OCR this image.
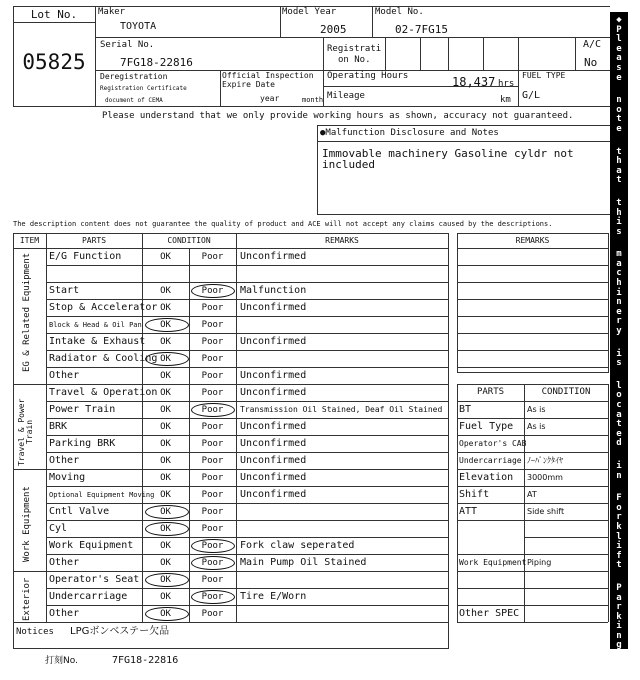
Lot No.
05825
Maker
TOYOTA
Model Year
2005
Model No.
02-7FG15
Serial No.
7FG18-22816
Registrati
on No.
A/C
No
Deregistration
Registration Certificate
document of CEMA
Official Inspection
Expire Date
year	month
Operating Hours	18,437 hrs
Mileage	km
FUEL TYPE
G/L
Please understand that we only provide working hours as shown, accuracy not guaranteed.
●Malfunction Disclosure and Notes
Immovable machinery Gasoline cyldr not
included
The description content does not guarantee the quality of product and ACE will not accept any claims caused by the descriptions.
ITEM	PARTS	CONDITION	REMARKS
EG & Related Equipment
Travel & Power Train
Work Equipment
Exterior
E/G Function	OK	Poor	Unconfirmed
Start	OK	Poor	Malfunction
Stop & Accelerator OK	Poor	Unconfirmed
Block & Head & Oil Pan	OK	Poor
Intake & Exhaust	OK	Poor	Unconfirmed
Radiator & Cooling OK	Poor
Other	OK	Poor	Unconfirmed
Travel & Operation OK	Poor	Unconfirmed
Power Train	OK	Poor	Transmission Oil Stained, Deaf Oil Stained
BRK	OK	Poor	Unconfirmed
Parking BRK	OK	Poor	Unconfirmed
Other	OK	Poor	Unconfirmed
Moving	OK	Poor	Unconfirmed
Optional Equipment Moving OK	Poor	Unconfirmed
Cntl Valve	OK	Poor
Cyl	OK	Poor
Work Equipment	OK	Poor	Fork claw seperated
Other	OK	Poor	Main Pump Oil Stained
Operator's Seat	OK	Poor
Undercarriage	OK	Poor	Tire E/Worn
Other	OK	Poor
REMARKS
PARTS	CONDITION
BT	As is
Fuel Type As is
Operator's CAB
Undercarriage ﾉｰﾊﾟﾝｸﾀｲﾔ
Elevation 3000mm
Shift	AT
ATT	Side shift
Work Equipment Piping
Other SPEC
Notices LPGボンベステー欠品
打刻No.	7FG18-22816
◆
P
l
e
a
s
e

n
o
t
e

t
h
a
t

t
h
i
s

m
a
c
h
i
n
e
r
y

i
s

l
o
c
a
t
e
d

i
n

F
o
r
k
l
i
f
t

P
a
r
k
i
n
g
◆
